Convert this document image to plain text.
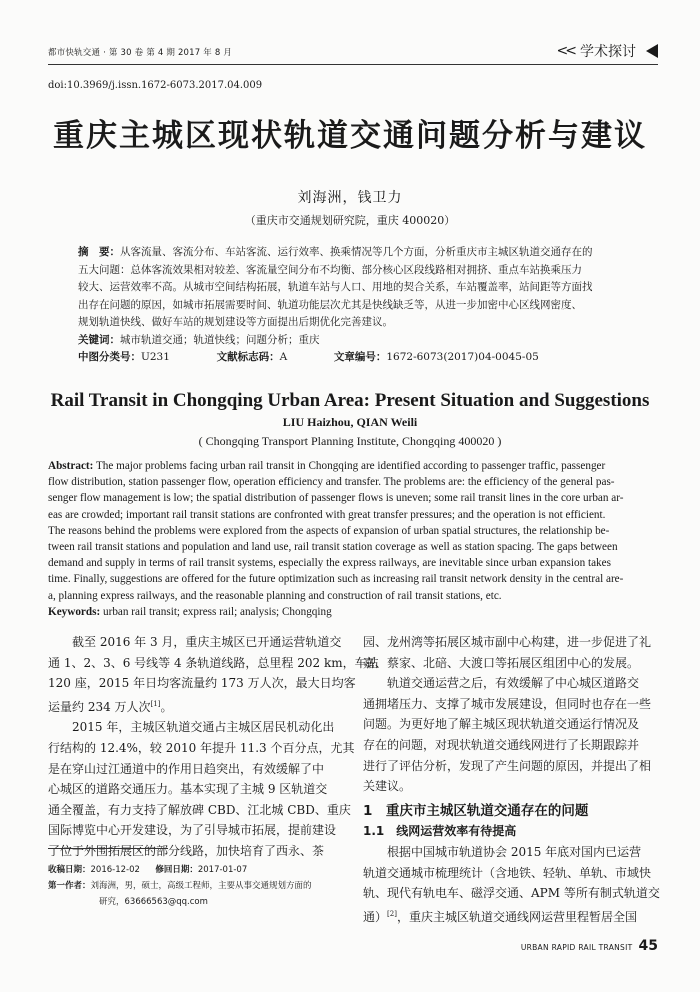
都市快轨交通 · 第 30 卷 第 4 期 2017 年 8 月	<< 学术探讨
doi:10.3969/j.issn.1672-6073.2017.04.009
重庆主城区现状轨道交通问题分析与建议
刘海洲，钱卫力
（重庆市交通规划研究院，重庆 400020）
摘　要： 从客流量、客流分布、车站客流、运行效率、换乘情况等几个方面，分析重庆市主城区轨道交通存在的
五大问题：总体客流效果相对较差、客流量空间分布不均衡、部分核心区段线路相对拥挤、重点车站换乘压力
较大、运营效率不高。从城市空间结构拓展，轨道车站与人口、用地的契合关系，车站覆盖率，站间距等方面找
出存在问题的原因，如城市拓展需要时间、轨道功能层次尤其是快线缺乏等，从进一步加密中心区线网密度、
规划轨道快线、做好车站的规划建设等方面提出后期优化完善建议。
关键词：城市轨道交通；轨道快线；问题分析；重庆
中图分类号：U231	文献标志码：A	文章编号：1672-6073(2017)04-0045-05
Rail Transit in Chongqing Urban Area: Present Situation and Suggestions
LIU Haizhou, QIAN Weili
( Chongqing Transport Planning Institute, Chongqing 400020 )
Abstract: The major problems facing urban rail transit in Chongqing are identified according to passenger traffic, passenger
flow distribution, station passenger flow, operation efficiency and transfer. The problems are: the efficiency of the general pas-
senger flow management is low; the spatial distribution of passenger flows is uneven; some rail transit lines in the core urban ar-
eas are crowded; important rail transit stations are confronted with great transfer pressures; and the operation is not efficient.
The reasons behind the problems were explored from the aspects of expansion of urban spatial structures, the relationship be-
tween rail transit stations and population and land use, rail transit station coverage as well as station spacing. The gaps between
demand and supply in terms of rail transit systems, especially the express railways, are inevitable since urban expansion takes
time. Finally, suggestions are offered for the future optimization such as increasing rail transit network density in the central are-
a, planning express railways, and the reasonable planning and construction of rail transit stations, etc.
Keywords: urban rail transit; express rail; analysis; Chongqing
截至 2016 年 3 月，重庆主城区已开通运营轨道交
通 1、2、3、6 号线等 4 条轨道线路，总里程 202 km，车站
120 座，2015 年日均客流量约 173 万人次，最大日均客
运量约 234 万人次[1]。
2015 年，主城区轨道交通占主城区居民机动化出
行结构的 12.4%，较 2010 年提升 11.3 个百分点，尤其
是在穿山过江通道中的作用日趋突出，有效缓解了中
心城区的道路交通压力。基本实现了主城 9 区轨道交
通全覆盖，有力支持了解放碑 CBD、江北城 CBD、重庆
国际博览中心开发建设，为了引导城市拓展，提前建设
了位于外围拓展区的部分线路，加快培育了西永、茶
园、龙州湾等拓展区城市副中心构建，进一步促进了礼
嘉、蔡家、北碚、大渡口等拓展区组团中心的发展。
轨道交通运营之后，有效缓解了中心城区道路交
通拥堵压力、支撑了城市发展建设，但同时也存在一些
问题。为更好地了解主城区现状轨道交通运行情况及
存在的问题，对现状轨道交通线网进行了长期跟踪并
进行了评估分析，发现了产生问题的原因，并提出了相
关建议。
1　重庆市主城区轨道交通存在的问题
1.1　线网运营效率有待提高
根据中国城市轨道协会 2015 年底对国内已运营
轨道交通城市梳理统计（含地铁、轻轨、单轨、市域快
轨、现代有轨电车、磁浮交通、APM 等所有制式轨道交
通）[2]，重庆主城区轨道交通线网运营里程暂居全国
收稿日期：2016-12-02 修回日期：2017-01-07
第一作者：刘海洲，男，硕士，高级工程师，主要从事交通规划方面的
研究，63666563@qq.com
URBAN RAPID RAIL TRANSIT 45
